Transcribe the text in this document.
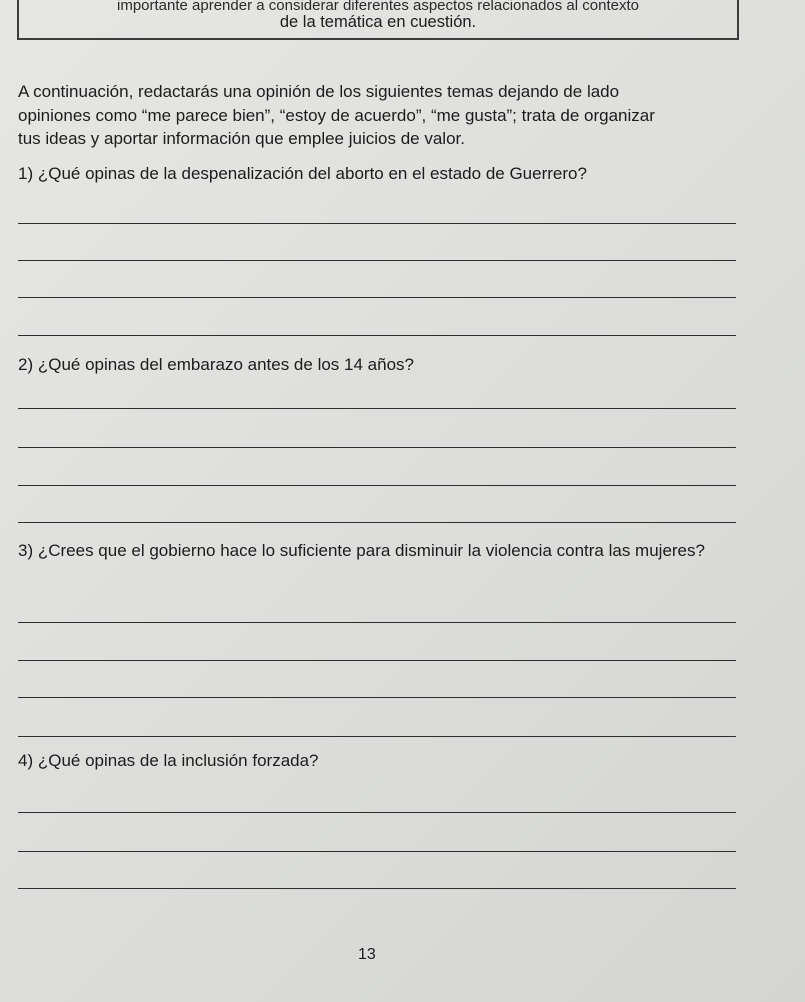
importante aprender a considerar diferentes aspectos relacionados al contexto
de la temática en cuestión.
A continuación, redactarás una opinión de los siguientes temas dejando de lado
opiniones como “me parece bien”, “estoy de acuerdo”, “me gusta”; trata de organizar
tus ideas y aportar información que emplee juicios de valor.
1) ¿Qué opinas de la despenalización del aborto en el estado de Guerrero?
2) ¿Qué opinas del embarazo antes de los 14 años?
3) ¿Crees que el gobierno hace lo suficiente para disminuir la violencia contra las mujeres?
4) ¿Qué opinas de la inclusión forzada?
13
